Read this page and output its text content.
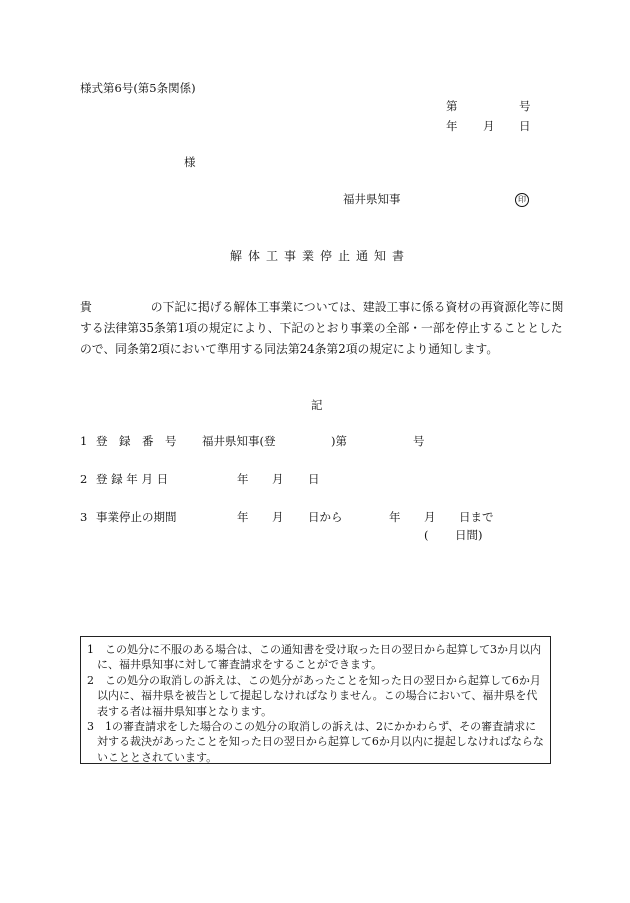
様式第6号(第5条関係)
第	号
年 月 日
様
福井県知事	印
解体工事業停止通知書
貴　　　　　の下記に掲げる解体工事業については、建設工事に係る資材の再資源化等に関
する法律第35条第1項の規定により、下記のとおり事業の全部・一部を停止することとした
ので、同条第2項において準用する同法第24条第2項の規定により通知します。
記
1 登　録　番　号 福井県知事(登	)第	号
2 登 録 年 月 日	年 月 日
3 事業停止の期間	年 月 日から	年 月 日まで
( 日間)
1　この処分に不服のある場合は、この通知書を受け取った日の翌日から起算して3か月以内に、福井県知事に対して審査請求をすることができます。
2　この処分の取消しの訴えは、この処分があったことを知った日の翌日から起算して6か月以内に、福井県を被告として提起しなければなりません。この場合において、福井県を代表する者は福井県知事となります。
3　1の審査請求をした場合のこの処分の取消しの訴えは、2にかかわらず、その審査請求に対する裁決があったことを知った日の翌日から起算して6か月以内に提起しなければならないこととされています。
